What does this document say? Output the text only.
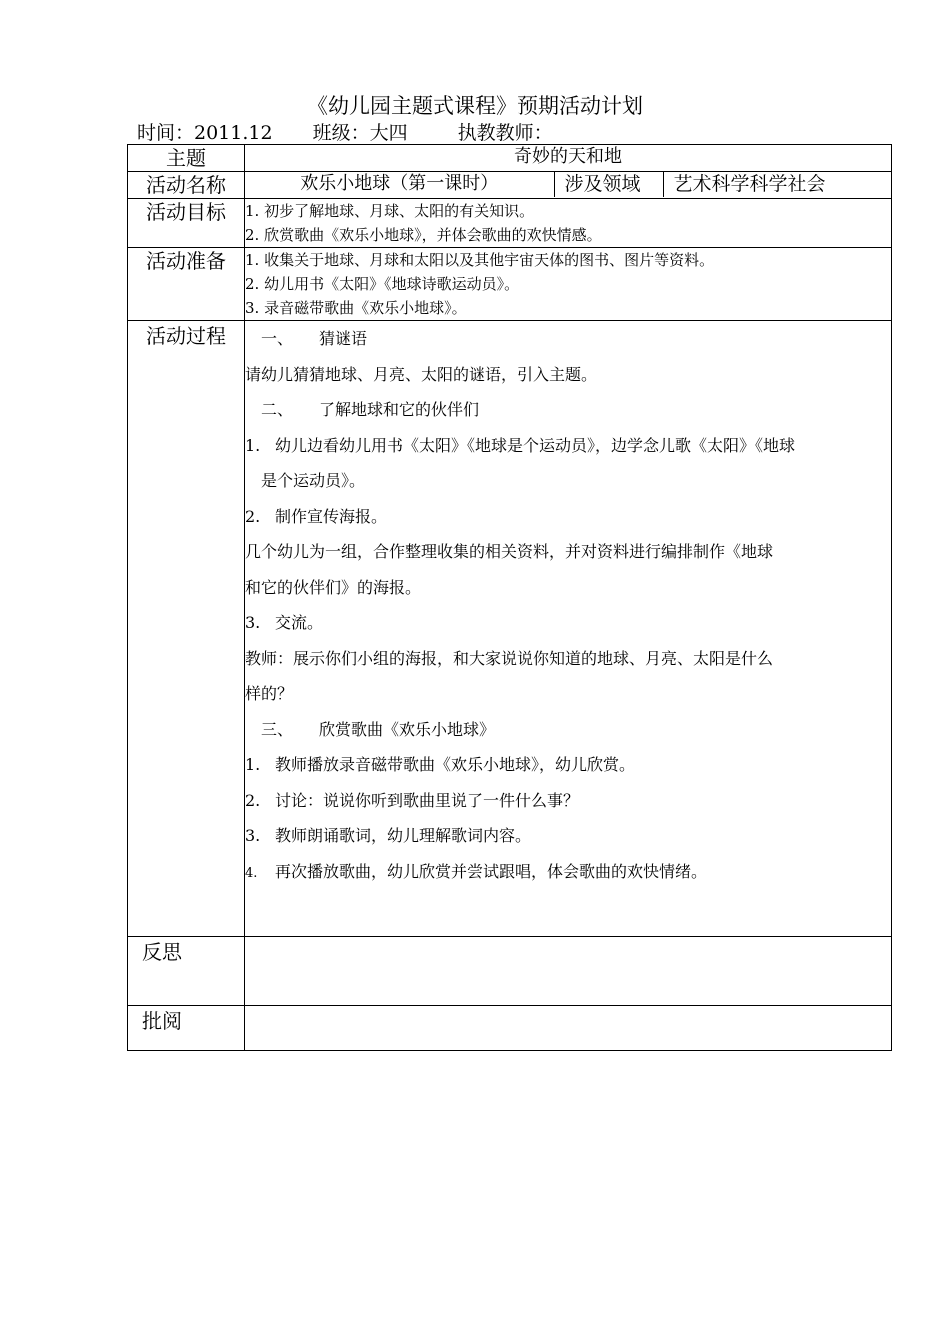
《幼儿园主题式课程》预期活动计划
时间：2011.12 班级：大四	执教教师：
主题	奇妙的天和地
活动名称		欢乐小地球（第一课时）	涉及领域	艺术科学科学社会

活动目标	1. 初步了解地球、月球、太阳的有关知识。
2. 欣赏歌曲《欢乐小地球》，并体会歌曲的欢快情感。

活动准备	1. 收集关于地球、月球和太阳以及其他宇宙天体的图书、图片等资料。
2. 幼儿用书《太阳》《地球诗歌运动员》。
3. 录音磁带歌曲《欢乐小地球》。

活动过程	一、 猜谜语
请幼儿猜猜地球、月亮、太阳的谜语，引入主题。
二、 了解地球和它的伙伴们
1. 幼儿边看幼儿用书《太阳》《地球是个运动员》，边学念儿歌《太阳》《地球
是个运动员》。
2. 制作宣传海报。
几个幼儿为一组，合作整理收集的相关资料，并对资料进行编排制作《地球
和它的伙伴们》的海报。
3. 交流。
教师：展示你们小组的海报，和大家说说你知道的地球、月亮、太阳是什么
样的？
三、 欣赏歌曲《欢乐小地球》
1. 教师播放录音磁带歌曲《欢乐小地球》，幼儿欣赏。
2. 讨论：说说你听到歌曲里说了一件什么事？
3. 教师朗诵歌词，幼儿理解歌词内容。
4. 再次播放歌曲，幼儿欣赏并尝试跟唱，体会歌曲的欢快情绪。

反思	
批阅	
